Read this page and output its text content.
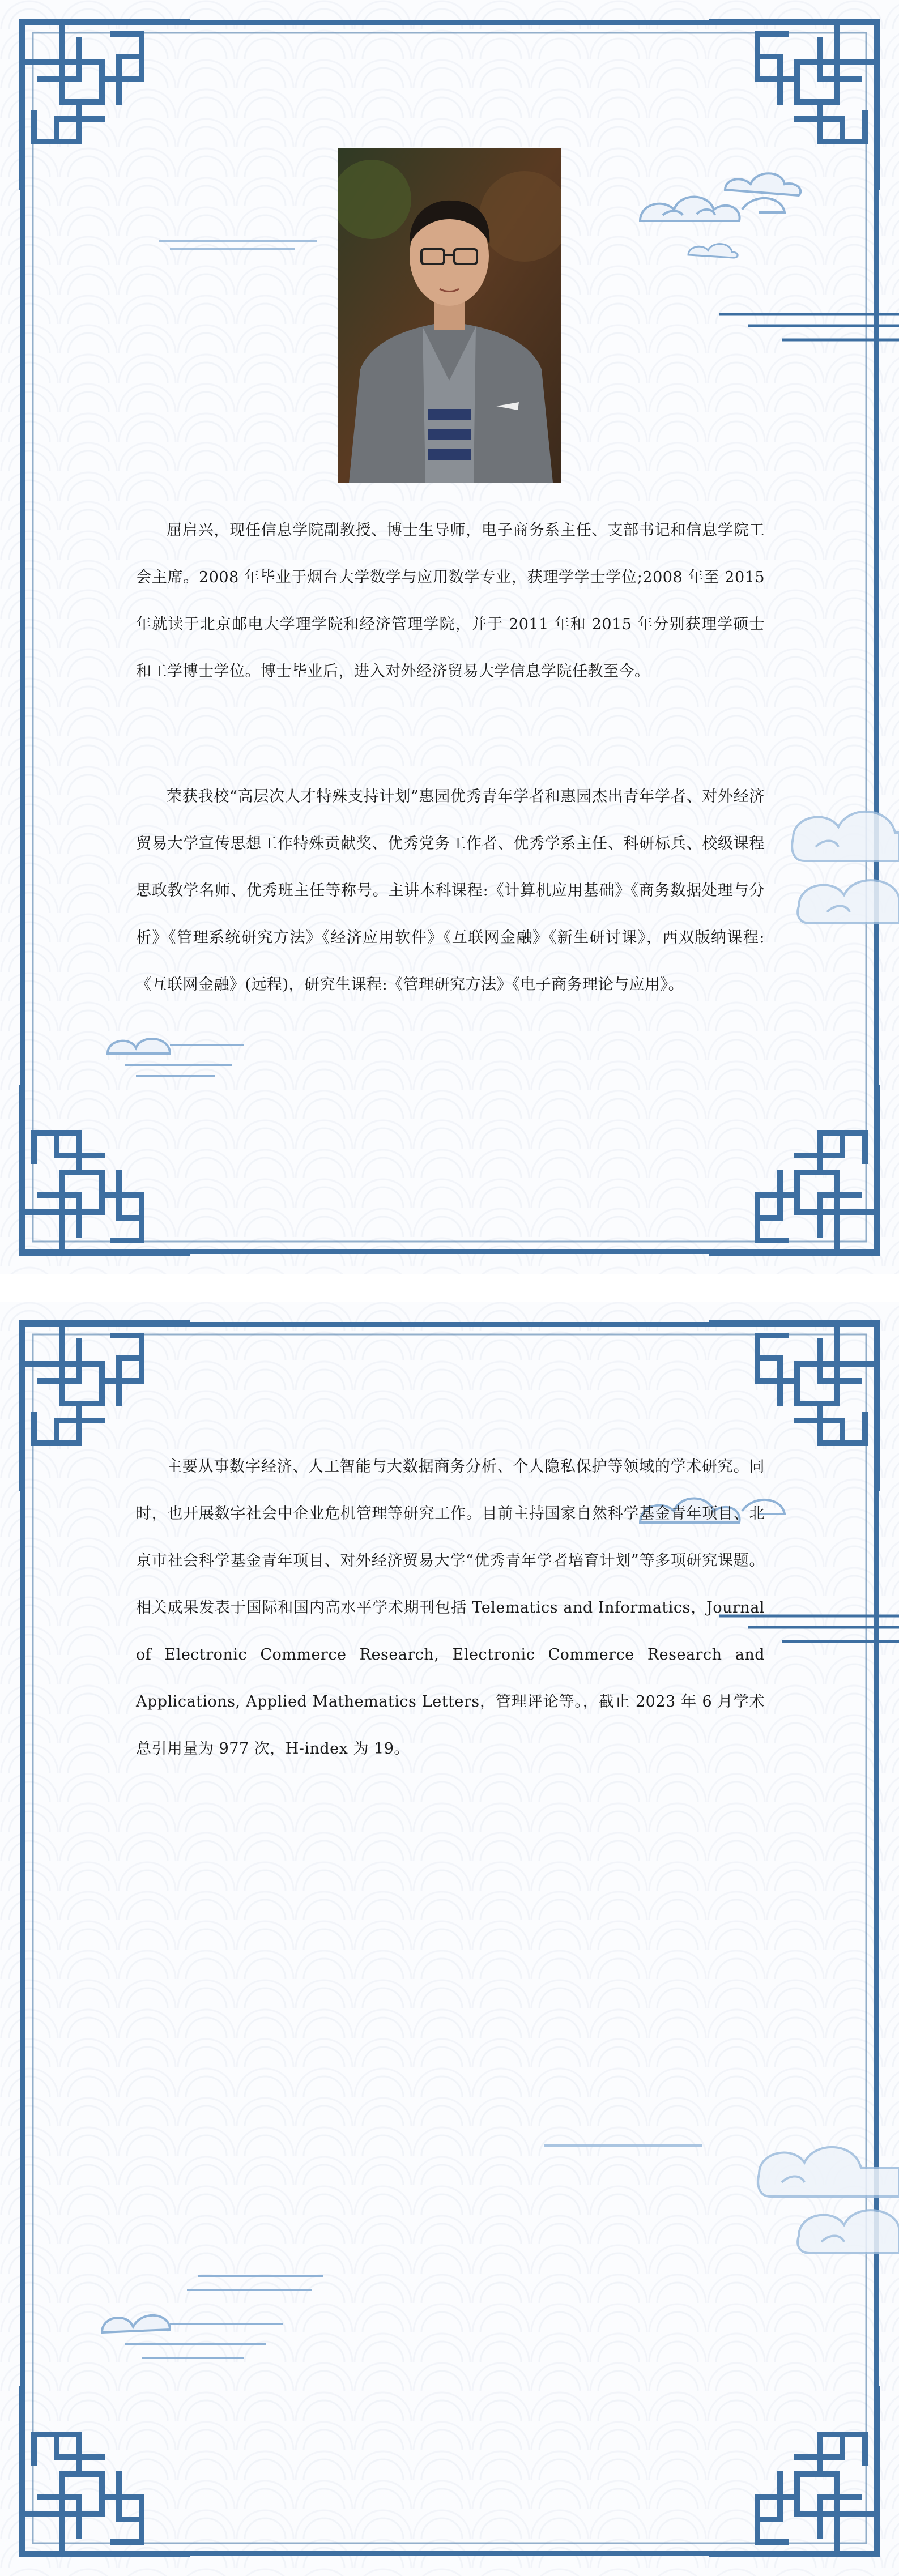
屈启兴，现任信息学院副教授、博士生导师，电子商务系主任、支部书记和信息学院工会主席。2008 年毕业于烟台大学数学与应用数学专业，获理学学士学位;2008 年至 2015 年就读于北京邮电大学理学院和经济管理学院，并于 2011 年和 2015 年分别获理学硕士和工学博士学位。博士毕业后，进入对外经济贸易大学信息学院任教至今。

荣获我校“高层次人才特殊支持计划”惠园优秀青年学者和惠园杰出青年学者、对外经济贸易大学宣传思想工作特殊贡献奖、优秀党务工作者、优秀学系主任、科研标兵、校级课程思政教学名师、优秀班主任等称号。主讲本科课程:《计算机应用基础》《商务数据处理与分析》《管理系统研究方法》《经济应用软件》《互联网金融》《新生研讨课》，西双版纳课程:《互联网金融》(远程)，研究生课程:《管理研究方法》《电子商务理论与应用》。

主要从事数字经济、人工智能与大数据商务分析、个人隐私保护等领域的学术研究。同时，也开展数字社会中企业危机管理等研究工作。目前主持国家自然科学基金青年项目、北京市社会科学基金青年项目、对外经济贸易大学“优秀青年学者培育计划”等多项研究课题。相关成果发表于国际和国内高水平学术期刊包括 Telematics and Informatics，Journal of Electronic Commerce Research, Electronic Commerce Research and Applications, Applied Mathematics Letters，管理评论等。，截止 2023 年 6 月学术总引用量为 977 次，H-index 为 19。
